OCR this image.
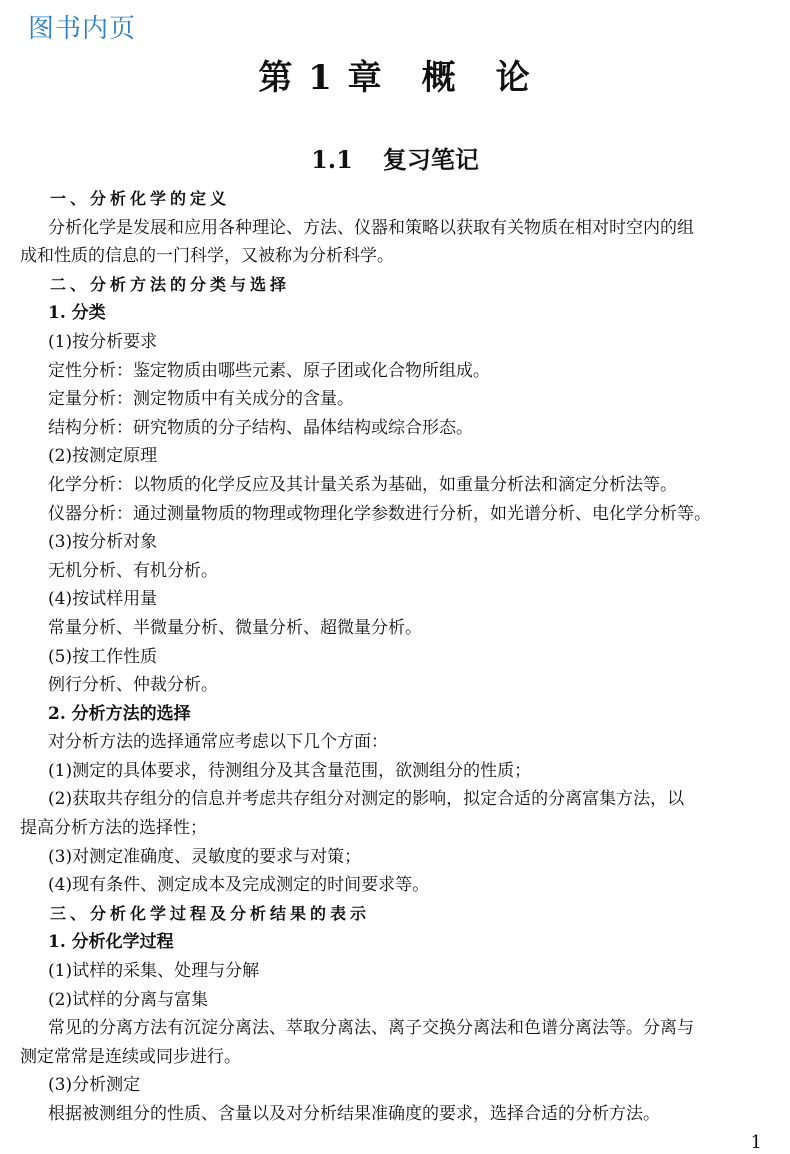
图书内页
第 1 章 概 论
1.1 复习笔记
一、分析化学的定义
分析化学是发展和应用各种理论、方法、仪器和策略以获取有关物质在相对时空内的组
成和性质的信息的一门科学，又被称为分析科学。
二、分析方法的分类与选择
1. 分类
(1)按分析要求
定性分析：鉴定物质由哪些元素、原子团或化合物所组成。
定量分析：测定物质中有关成分的含量。
结构分析：研究物质的分子结构、晶体结构或综合形态。
(2)按测定原理
化学分析：以物质的化学反应及其计量关系为基础，如重量分析法和滴定分析法等。
仪器分析：通过测量物质的物理或物理化学参数进行分析，如光谱分析、电化学分析等。
(3)按分析对象
无机分析、有机分析。
(4)按试样用量
常量分析、半微量分析、微量分析、超微量分析。
(5)按工作性质
例行分析、仲裁分析。
2. 分析方法的选择
对分析方法的选择通常应考虑以下几个方面：
(1)测定的具体要求，待测组分及其含量范围，欲测组分的性质；
(2)获取共存组分的信息并考虑共存组分对测定的影响，拟定合适的分离富集方法，以
提高分析方法的选择性；
(3)对测定准确度、灵敏度的要求与对策；
(4)现有条件、测定成本及完成测定的时间要求等。
三、分析化学过程及分析结果的表示
1. 分析化学过程
(1)试样的采集、处理与分解
(2)试样的分离与富集
常见的分离方法有沉淀分离法、萃取分离法、离子交换分离法和色谱分离法等。分离与
测定常常是连续或同步进行。
(3)分析测定
根据被测组分的性质、含量以及对分析结果准确度的要求，选择合适的分析方法。
1
